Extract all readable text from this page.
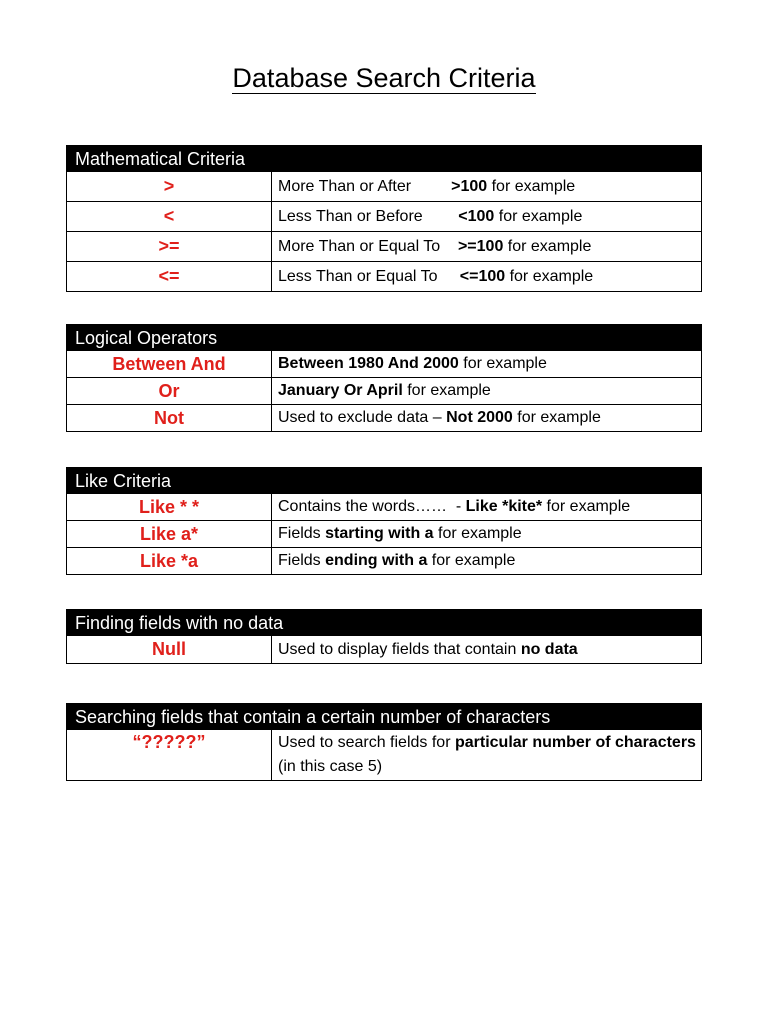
Database Search Criteria
Mathematical Criteria
>	More Than or After         >100 for example
<	Less Than or Before        <100 for example
>=	More Than or Equal To    >=100 for example
<=	Less Than or Equal To     <=100 for example
Logical Operators
Between And	Between 1980 And 2000 for example
Or	January Or April for example
Not	Used to exclude data – Not 2000 for example
Like Criteria
Like * *	Contains the words……  - Like *kite* for example
Like a*	Fields starting with a for example
Like *a	Fields ending with a for example
Finding fields with no data
Null	Used to display fields that contain no data
Searching fields that contain a certain number of characters
“?????”	Used to search fields for particular number of characters (in this case 5)
